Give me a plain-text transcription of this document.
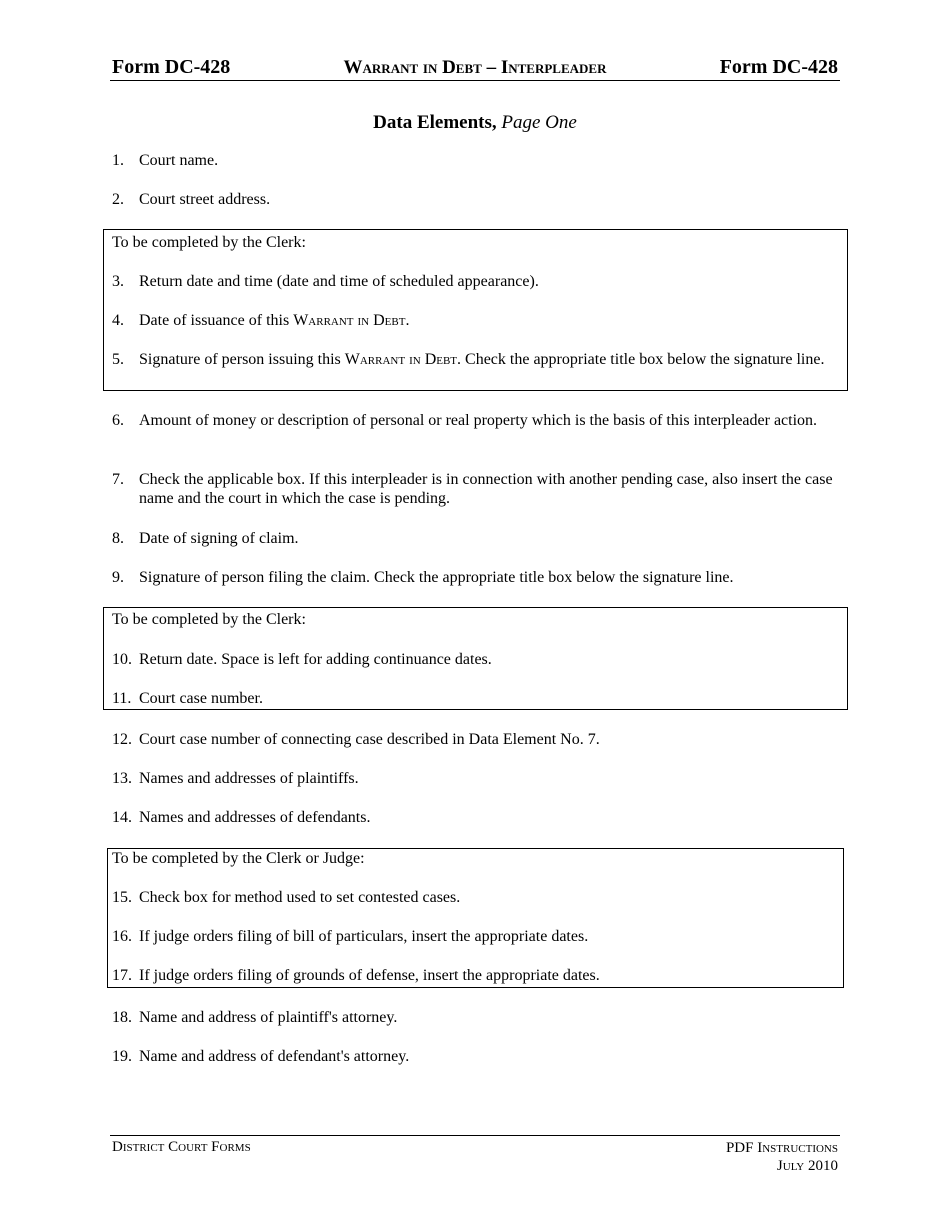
Form DC-428	Warrant in Debt – Interpleader	Form DC-428
Data Elements, Page One
1. Court name.
2. Court street address.
To be completed by the Clerk:
3. Return date and time (date and time of scheduled appearance).
4. Date of issuance of this Warrant in Debt.
5. Signature of person issuing this Warrant in Debt. Check the appropriate title box below the signature line.
6. Amount of money or description of personal or real property which is the basis of this interpleader action.
7. Check the applicable box. If this interpleader is in connection with another pending case, also insert the case name and the court in which the case is pending.
8. Date of signing of claim.
9. Signature of person filing the claim. Check the appropriate title box below the signature line.
To be completed by the Clerk:
10. Return date. Space is left for adding continuance dates.
11. Court case number.
12. Court case number of connecting case described in Data Element No. 7.
13. Names and addresses of plaintiffs.
14. Names and addresses of defendants.
To be completed by the Clerk or Judge:
15. Check box for method used to set contested cases.
16. If judge orders filing of bill of particulars, insert the appropriate dates.
17. If judge orders filing of grounds of defense, insert the appropriate dates.
18. Name and address of plaintiff's attorney.
19. Name and address of defendant's attorney.
District Court Forms	PDF Instructions
July 2010
